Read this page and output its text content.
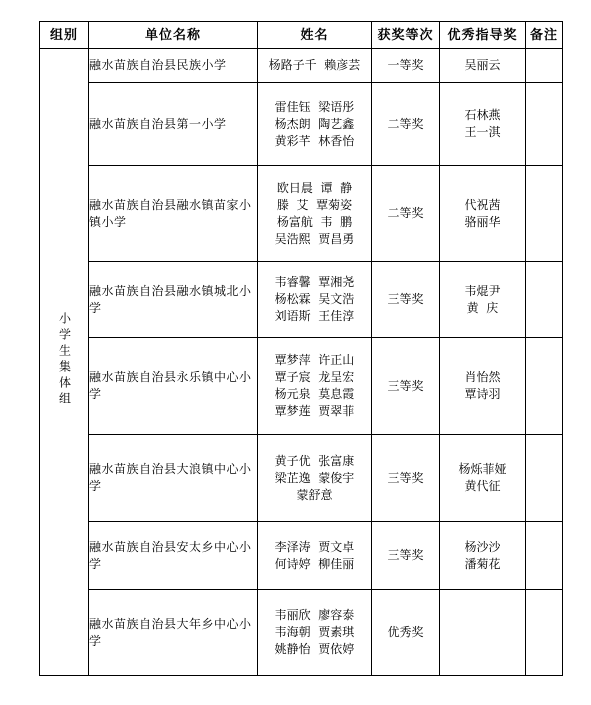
组别	单位名称	姓名	获奖等次	优秀指导奖	备注
小学生集体组	融水苗族自治县民族小学	杨路子千  赖彦芸	一等奖	吴丽云	

	融水苗族自治县第一小学	雷佳钰  梁语彤
杨杰朗  陶艺鑫
黄彩芊  林香怡	二等奖	石林燕
王一淇	

	融水苗族自治县融水镇苗家小镇小学	欧日晨  谭  静
滕  艾  覃菊姿
杨富航  韦  鹏
吴浩熙  贾昌勇	二等奖	代祝茜
骆丽华	

	融水苗族自治县融水镇城北小学	韦睿馨  覃湘尧
杨松霖  吴文浩
刘语斯  王佳淳	三等奖	韦焜尹
黄  庆	

	融水苗族自治县永乐镇中心小学	覃梦萍  许正山
覃子宸  龙呈宏
杨元泉  莫息霞
覃梦莲  贾翠菲	三等奖	肖怡然
覃诗羽	

	融水苗族自治县大浪镇中心小学	黄子优  张富康
梁芷逸  蒙俊宇
蒙舒意	三等奖	杨烁菲娅
黄代征	

	融水苗族自治县安太乡中心小学	李泽涛  贾文卓
何诗婷  柳佳丽	三等奖	杨沙沙
潘菊花	

	融水苗族自治县大年乡中心小学	韦丽欣  廖容泰
韦海朝  贾素琪
姚静怡  贾依婷	优秀奖		
